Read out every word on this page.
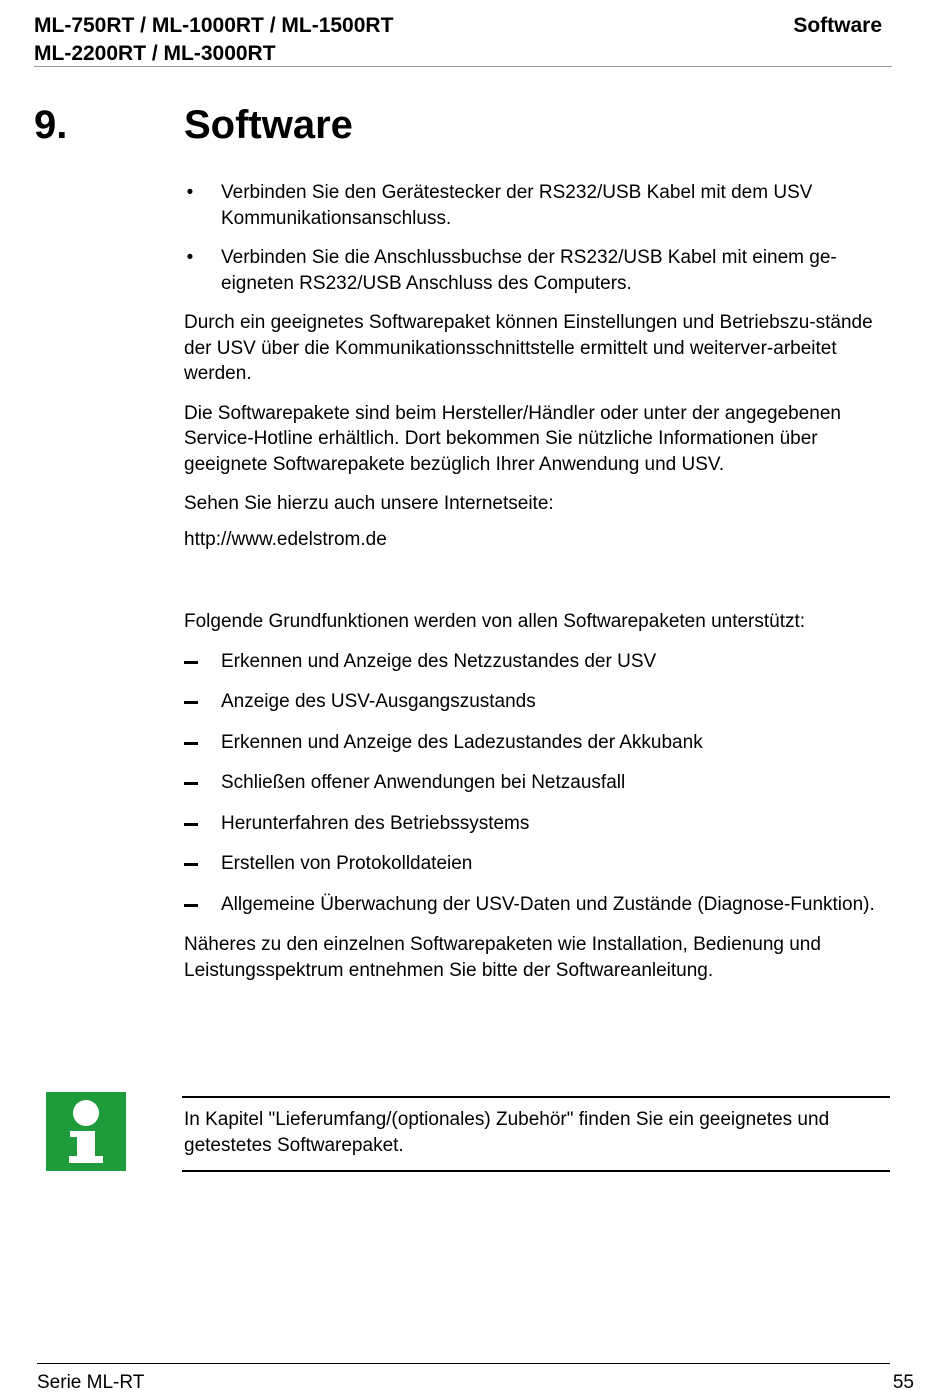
ML-750RT / ML-1000RT / ML-1500RT
ML-2200RT / ML-3000RT
Software
9.	Software
• Verbinden Sie den Gerätestecker der RS232/USB Kabel mit dem USV Kommunikationsanschluss.
• Verbinden Sie die Anschlussbuchse der RS232/USB Kabel mit einem ge-eigneten RS232/USB Anschluss des Computers.
Durch ein geeignetes Softwarepaket können Einstellungen und Betriebszu-stände der USV über die Kommunikationsschnittstelle ermittelt und weiterver-arbeitet werden.
Die Softwarepakete sind beim Hersteller/Händler oder unter der angegebenen Service-Hotline erhältlich. Dort bekommen Sie nützliche Informationen über geeignete Softwarepakete bezüglich Ihrer Anwendung und USV.
Sehen Sie hierzu auch unsere Internetseite:
http://www.edelstrom.de
Folgende Grundfunktionen werden von allen Softwarepaketen unterstützt:
Erkennen und Anzeige des Netzzustandes der USV
Anzeige des USV-Ausgangszustands
Erkennen und Anzeige des Ladezustandes der Akkubank
Schließen offener Anwendungen bei Netzausfall
Herunterfahren des Betriebssystems
Erstellen von Protokolldateien
Allgemeine Überwachung der USV-Daten und Zustände (Diagnose-Funktion).
Näheres zu den einzelnen Softwarepaketen wie Installation, Bedienung und Leistungsspektrum entnehmen Sie bitte der Softwareanleitung.
In Kapitel "Lieferumfang/(optionales) Zubehör" finden Sie ein geeignetes und getestetes Softwarepaket.
Serie ML-RT	55
